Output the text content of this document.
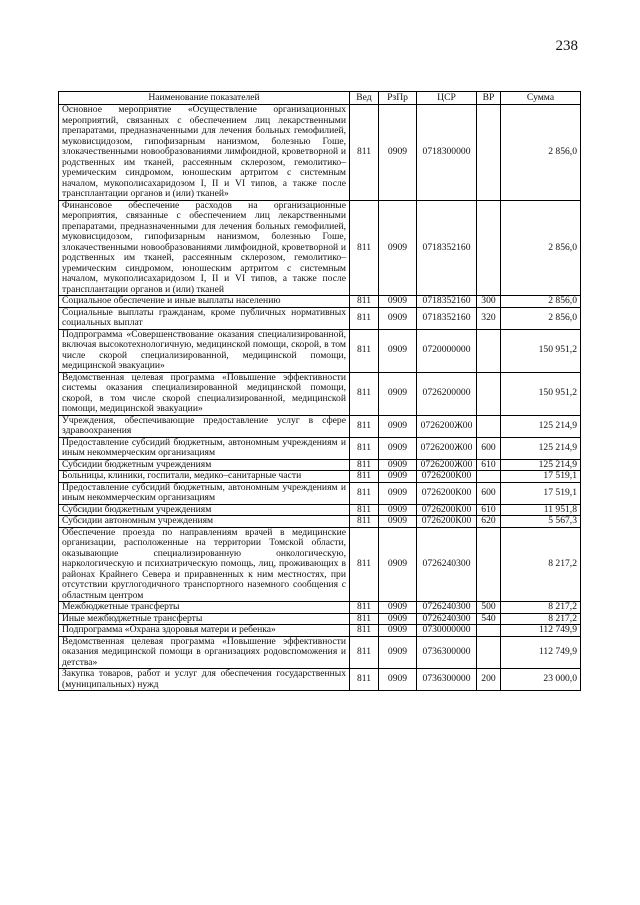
238
Наименование показателей	Вед	РзПр	ЦСР	ВР	Сумма
Основное мероприятие «Осуществление организационных мероприятий, связанных с обеспечением лиц лекарственными препаратами, предназначенными для лечения больных гемофилией, муковисцидозом, гипофизарным нанизмом, болезнью Гоше, злокачественными новообразованиями лимфоидной, кроветворной и родственных им тканей, рассеянным склерозом, гемолитико–уремическим синдромом, юношеским артритом с системным началом, мукополисахаридозом I, II и VI типов, а также после трансплантации органов и (или) тканей»	811	0909	0718300000		2 856,0
Финансовое обеспечение расходов на организационные мероприятия, связанные с обеспечением лиц лекарственными препаратами, предназначенными для лечения больных гемофилией, муковисцидозом, гипофизарным нанизмом, болезнью Гоше, злокачественными новообразованиями лимфоидной, кроветворной и родственных им тканей, рассеянным склерозом, гемолитико–уремическим синдромом, юношеским артритом с системным началом, мукополисахаридозом I, II и VI типов, а также после трансплантации органов и (или) тканей	811	0909	0718352160		2 856,0
Социальное обеспечение и иные выплаты населению	811	0909	0718352160	300	2 856,0
Социальные выплаты гражданам, кроме публичных нормативных социальных выплат	811	0909	0718352160	320	2 856,0
Подпрограмма «Совершенствование оказания специализированной, включая высокотехнологичную, медицинской помощи, скорой, в том числе скорой специализированной, медицинской помощи, медицинской эвакуации»	811	0909	0720000000		150 951,2
Ведомственная целевая программа «Повышение эффективности системы оказания специализированной медицинской помощи, скорой, в том числе скорой специализированной, медицинской помощи, медицинской эвакуации»	811	0909	0726200000		150 951,2
Учреждения, обеспечивающие предоставление услуг в сфере здравоохранения	811	0909	0726200Ж00		125 214,9
Предоставление субсидий бюджетным, автономным учреждениям и иным некоммерческим организациям	811	0909	0726200Ж00	600	125 214,9
Субсидии бюджетным учреждениям	811	0909	0726200Ж00	610	125 214,9
Больницы, клиники, госпитали, медико–санитарные части	811	0909	0726200К00		17 519,1
Предоставление субсидий бюджетным, автономным учреждениям и иным некоммерческим организациям	811	0909	0726200К00	600	17 519,1
Субсидии бюджетным учреждениям	811	0909	0726200К00	610	11 951,8
Субсидии автономным учреждениям	811	0909	0726200К00	620	5 567,3
Обеспечение проезда по направлениям врачей в медицинские организации, расположенные на территории Томской области, оказывающие специализированную онкологическую, наркологическую и психиатрическую помощь, лиц, проживающих в районах Крайнего Севера и приравненных к ним местностях, при отсутствии круглогодичного транспортного наземного сообщения с областным центром	811	0909	0726240300		8 217,2
Межбюджетные трансферты	811	0909	0726240300	500	8 217,2
Иные межбюджетные трансферты	811	0909	0726240300	540	8 217,2
Подпрограмма «Охрана здоровья матери и ребенка»	811	0909	0730000000		112 749,9
Ведомственная целевая программа «Повышение эффективности оказания медицинской помощи в организациях родовспоможения и детства»	811	0909	0736300000		112 749,9
Закупка товаров, работ и услуг для обеспечения государственных (муниципальных) нужд	811	0909	0736300000	200	23 000,0
